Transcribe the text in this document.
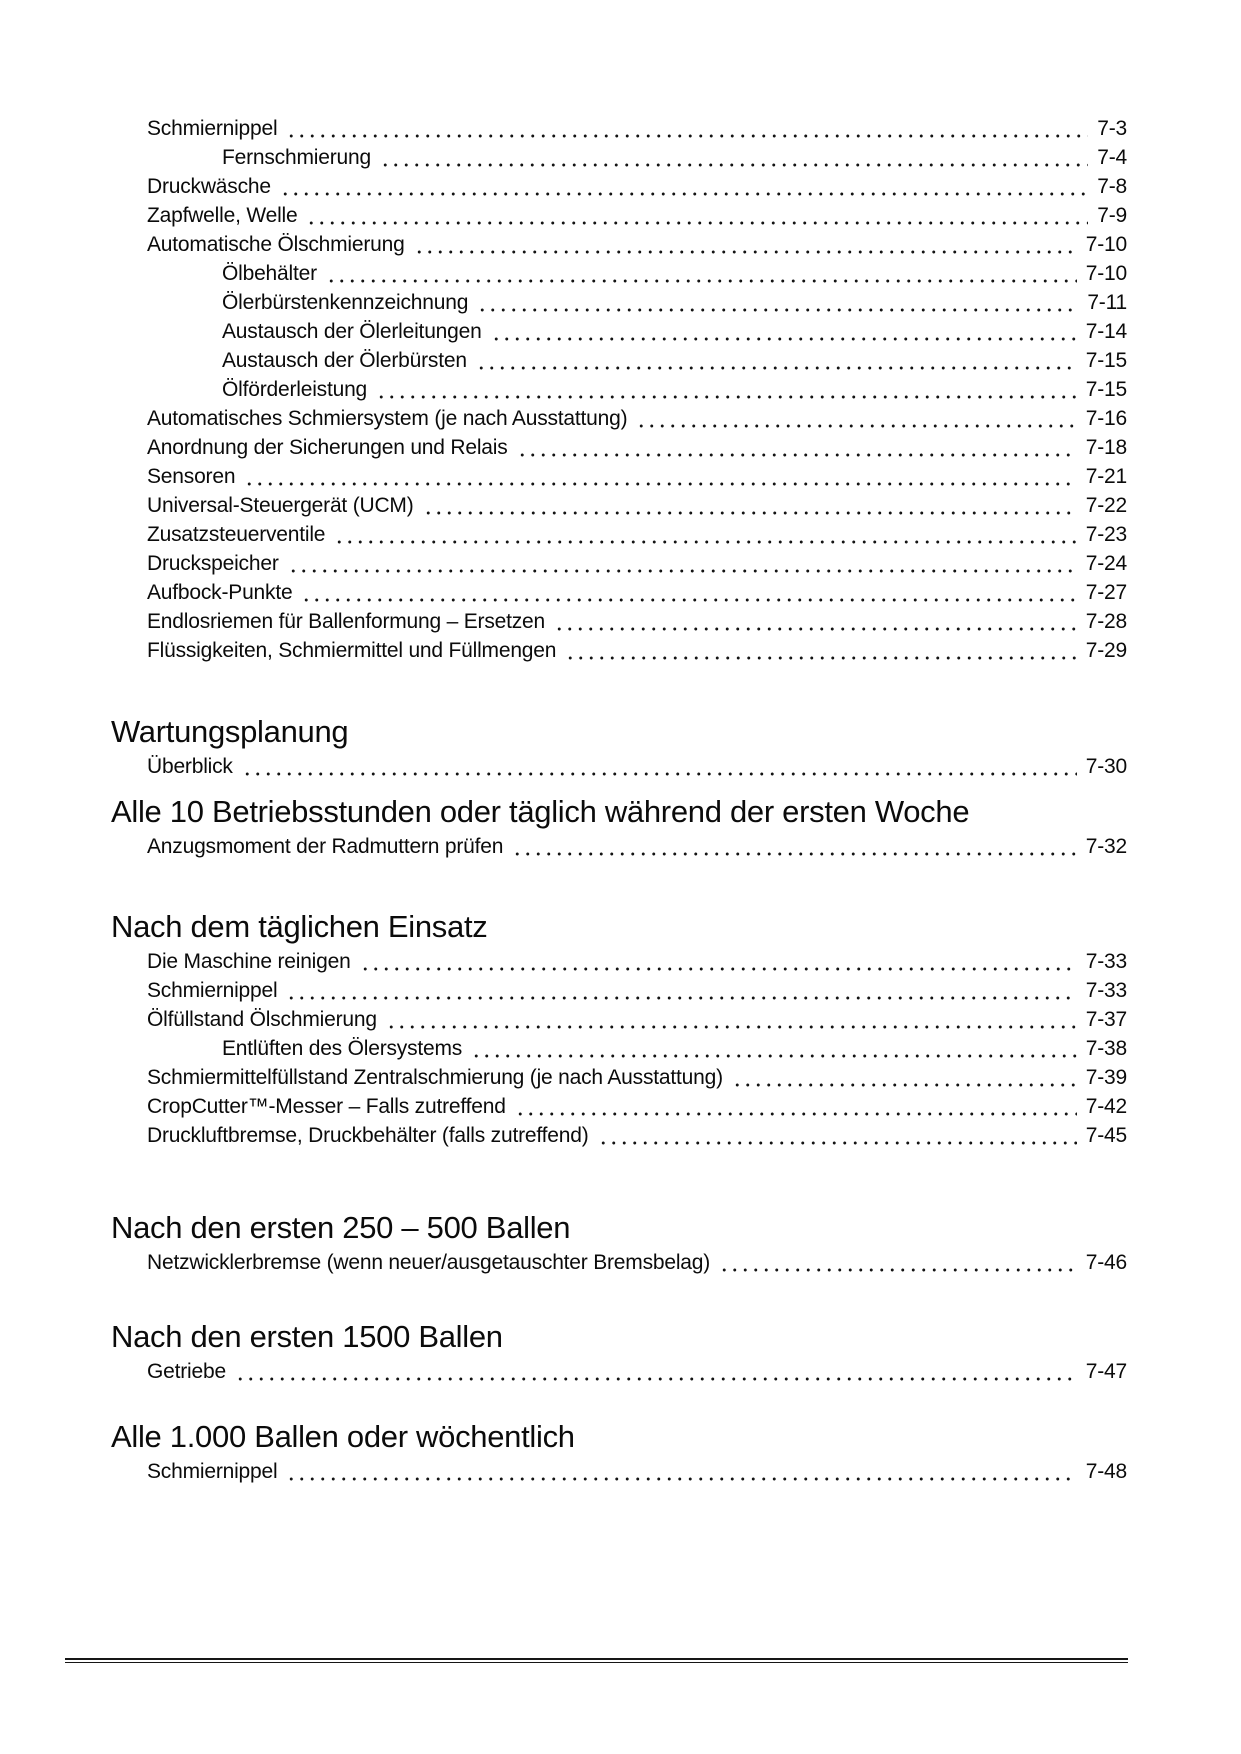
Schmiernippel	7-3
Fernschmierung	7-4
Druckwäsche	7-8
Zapfwelle, Welle	7-9
Automatische Ölschmierung	7-10
Ölbehälter	7-10
Ölerbürstenkennzeichnung	7-11
Austausch der Ölerleitungen	7-14
Austausch der Ölerbürsten	7-15
Ölförderleistung	7-15
Automatisches Schmiersystem (je nach Ausstattung)	7-16
Anordnung der Sicherungen und Relais	7-18
Sensoren	7-21
Universal-Steuergerät (UCM)	7-22
Zusatzsteuerventile	7-23
Druckspeicher	7-24
Aufbock-Punkte	7-27
Endlosriemen für Ballenformung – Ersetzen	7-28
Flüssigkeiten, Schmiermittel und Füllmengen	7-29
Wartungsplanung
Überblick	7-30
Alle 10 Betriebsstunden oder täglich während der ersten Woche
Anzugsmoment der Radmuttern prüfen	7-32
Nach dem täglichen Einsatz
Die Maschine reinigen	7-33
Schmiernippel	7-33
Ölfüllstand Ölschmierung	7-37
Entlüften des Ölersystems	7-38
Schmiermittelfüllstand Zentralschmierung (je nach Ausstattung)	7-39
CropCutter™-Messer – Falls zutreffend	7-42
Druckluftbremse, Druckbehälter (falls zutreffend)	7-45
Nach den ersten 250 – 500 Ballen
Netzwicklerbremse (wenn neuer/ausgetauschter Bremsbelag)	7-46
Nach den ersten 1500 Ballen
Getriebe	7-47
Alle 1.000 Ballen oder wöchentlich
Schmiernippel	7-48
